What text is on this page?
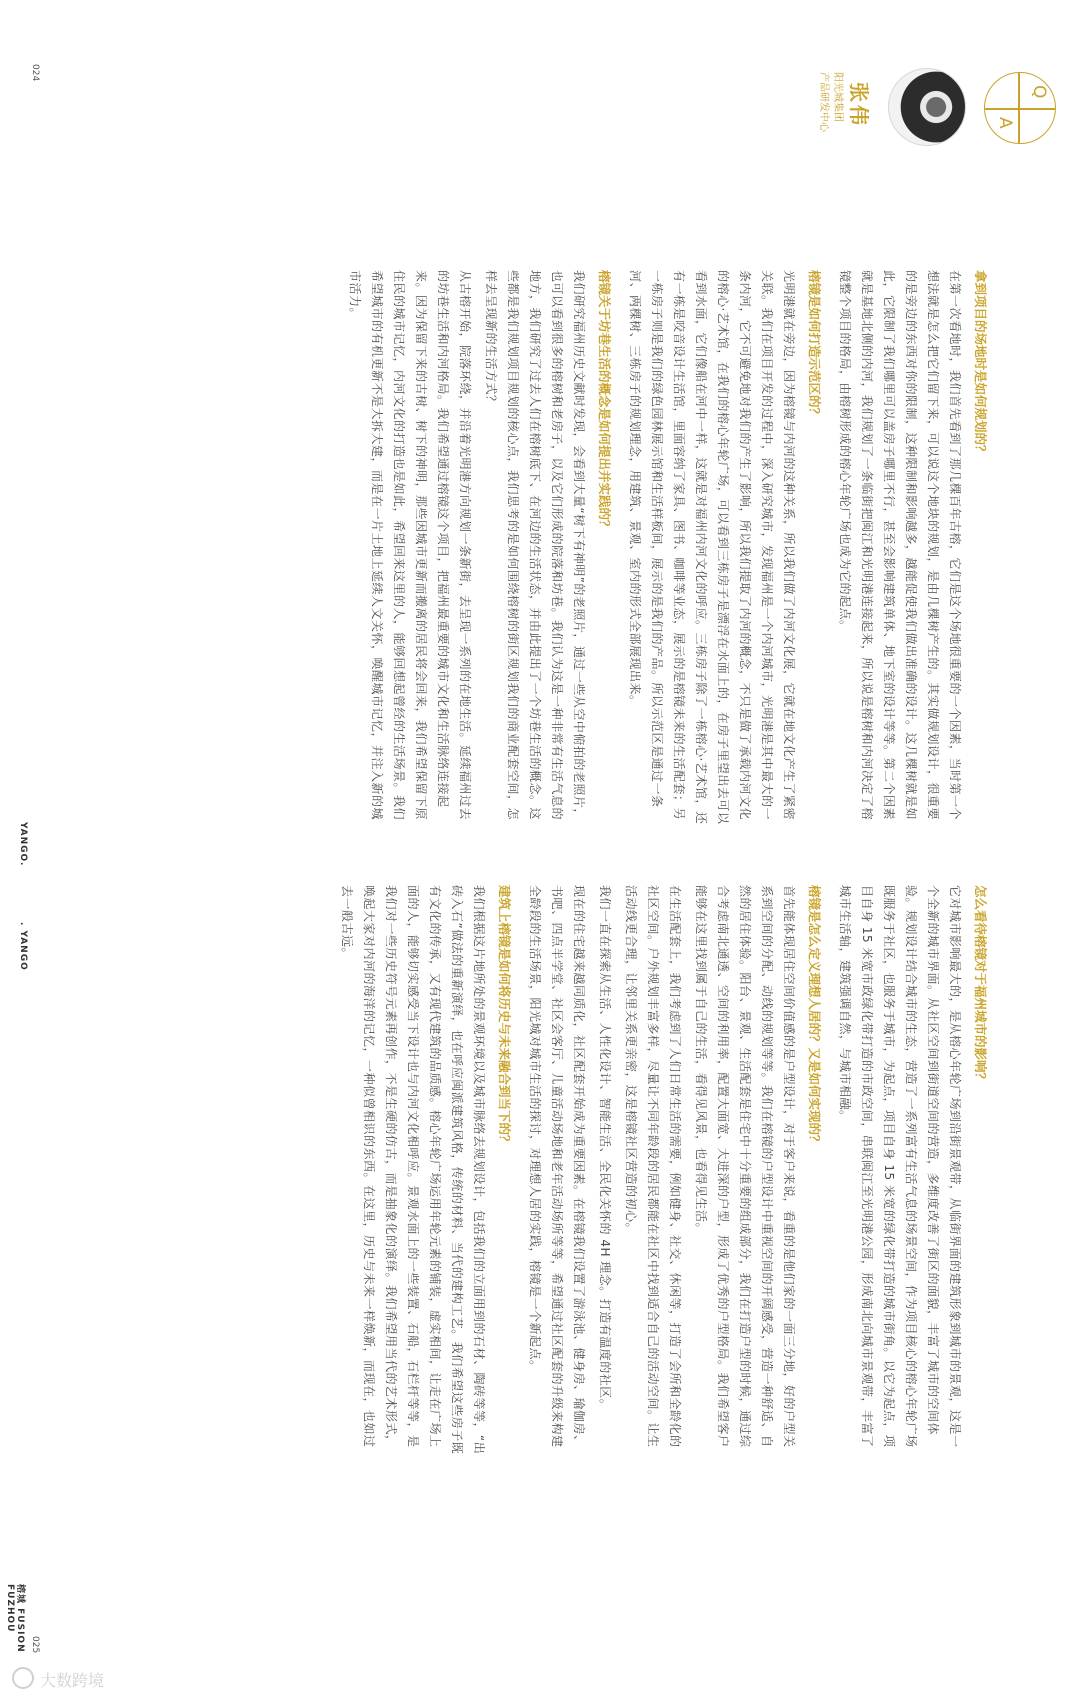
YANGO.
. YANGO
榕城 FUSION FUZHOU
024
025
Q
A
张伟
阳光城集团
产品研发中心

拿到项目的场地时是如何规划的？

在第一次看地时，我们首先看到了那几棵百年古榕，它们是这个场地很重要的一个因素，当时第一个想法就是怎么把它们留下来，可以说这个地块的规划，是由几棵树产生的。其实做规划设计，很重要的是旁边的东西对你的限制，这种限制和影响越多，越能促使我们做出准确的设计。这几棵树就是如此，它限制了我们哪里可以盖房子哪里不行，甚至会影响建筑单体、地下室的设计等等。第二个因素就是基地北侧的内河，我们规划了一条临街把闽江和光明港连接起来，所以说是榕树和内河决定了榕镜整个项目的格局，由榕树形成的榕心年轮广场也成为它的起点。

榕镜是如何打造示范区的？

光明港就在旁边，因为榕镜与内河的这种关系，所以我们做了内河文化展，它就在地文化产生了紧密关联。我们在项目开发的过程中，深入研究城市，发现福州是一个内河城市，光明港是其中最大的一条内河，它不可避免地对我们的产生了影响，所以我们提取了内河的概念，不只是做了承载内河文化的榕心·艺术馆，在我们的榕心年轮广场，可以看到三栋房子是漂浮在水面上的，在房子里望出去可以看到水面，它们像船在河中一样，这就是对福州内河文化的呼应。三栋房子除了一栋榕心·艺术馆，还有一栋是咬音设计生活馆，里面容纳了家具、图书、咖啡等业态，展示的是榕镜未来的生活配套；另一栋房子则是我们的绿色园林展示馆和生活样板间，展示的是我们的产品。所以示范区是通过一条河、两棵树、三栋房子的规划理念，用建筑、景观、室内的形式全部展现出来。

榕镜关于坊巷生活的概念是如何提出并实践的？

我们研究福州历史文献时发现，会看到大量“树下有神明”的老照片，通过一些从空中俯拍的老照片，也可以看到很多的榕树和老房子，以及它们形成的院落和坊巷。我们认为这是一种非常有生活气息的地方，我们研究了过去人们在榕树底下、在河边的生活状态，并由此提出了一个坊巷生活的概念。这些都是我们规划项目规划的核心点，我们思考的是如何围绕榕树的街区规划我们的商业配套空间，怎样去呈现新的生活方式？

从古榕开始，院落环绕，并沿着光明港方向规划一条新街，去呈现一系列的在地生活。延续福州过去的坊巷生活和内河格局。我们希望通过榕镜这个项目，把福州最重要的城市文化和生活脉络连接起来。因为保留下来的古树、树下的神明，那些因城市更新而搬离的居民将会回来，我们希望保留下原住民的城市记忆，内河文化的打造也是如此，希望回来这里的人，能够回想起曾经的生活场景。我们希望城市的有机更新不是大拆大建，而是在一片土地上延续人文关怀，唤醒城市记忆，并注入新的城市活力。

怎么看待榕镜对于福州城市的影响？

它对城市影响最大的，是从榕心年轮广场到沿街景观带，从临街界面的建筑形象到城市的景观，这是一个全新的城市界面。从社区空间到街道空间的营造，多维度改善了街区的面貌，丰富了城市的空间体验。规划设计结合城市的生态，营造了一系列富有生活气息的场景空间，作为项目核心的榕心年轮广场既服务于社区，也服务于城市，为起点，项目自身 15 米宽的绿化带打造的城市街角。以它为起点，项目自身 15 米宽市政绿化带打造的市政空间，串联闽江至光明港公园，形成南北向城市景观带，丰富了城市生活轴，建筑强调自然，与城市相融。

榕镜是怎么定义理想人居的？又是如何实现的？

首先能体现居住空间价值感的是户型设计，对于客户来说，看重的是他们家的一面三分地，好的户型关系到空间的分配、动线的规划等等。我们在榕镜的户型设计中重视空间的开阔感受，营造一种舒适、自然的居住体验。阳台、景观、生活配套是住宅中十分重要的组成部分，我们在打造户型的时候，通过综合考虑南北通透、空间的利用率，配置大面宽、大进深的户型，形成了优秀的户型格局。我们希望客户能够在这里找到属于自己的生活，看得见风景，也看得见生活。

在生活配套上，我们考虑到了人们日常生活的需要，例如健身、社交、休闲等，打造了会所和全龄化的社区空间。户外规划丰富多样，尽量让不同年龄段的居民都能在社区中找到适合自己的活动空间。让生活动线更合理，让邻里关系更亲密，这是榕镜社区营造的初心。

我们一直在探索从生活、人性化设计、智能生活、全民化关怀的 4H 理念。打造有温度的社区。

现在的住宅越来越同质化，社区配套开始成为重要因素。在榕镜我们设置了游泳池、健身房、瑜伽房、书吧、四点半学堂、社区会客厅、儿童活动场地和老年活动场所等等，希望通过社区配套的升级来构建全龄段的生活场景，阳光城对城市生活的探讨，对理想人居的实践，榕镜是一个新起点。

建筑上榕镜是如何将历史与未来融合到当下的？

我们根据这片地所处的景观环境以及城市脉络去规划设计，包括我们的立面用到的石材、陶砖等等，“出砖入石”做法的重新演绎，也在呼应闽派建筑风格，传统的材料、当代的建构工艺。我们希望这些房子既有文化的传承，又有现代建筑的品质感。榕心年轮广场运用年轮元素的铺装，虚实相间，让走在广场上面的人，能够切实感受当下设计也与内河文化相呼应。景观水面上的一些装置、石船，石栏杆等等，是我们对一些历史符号元素再创作，不是生硬的仿古，而是抽象化的演绎。我们希望用当代的艺术形式，唤起大家对内河的海洋的记忆，一种似曾相识的东西。在这里，历史与未来一样焕新，而现在，也如过去一般古远。

大数跨境
